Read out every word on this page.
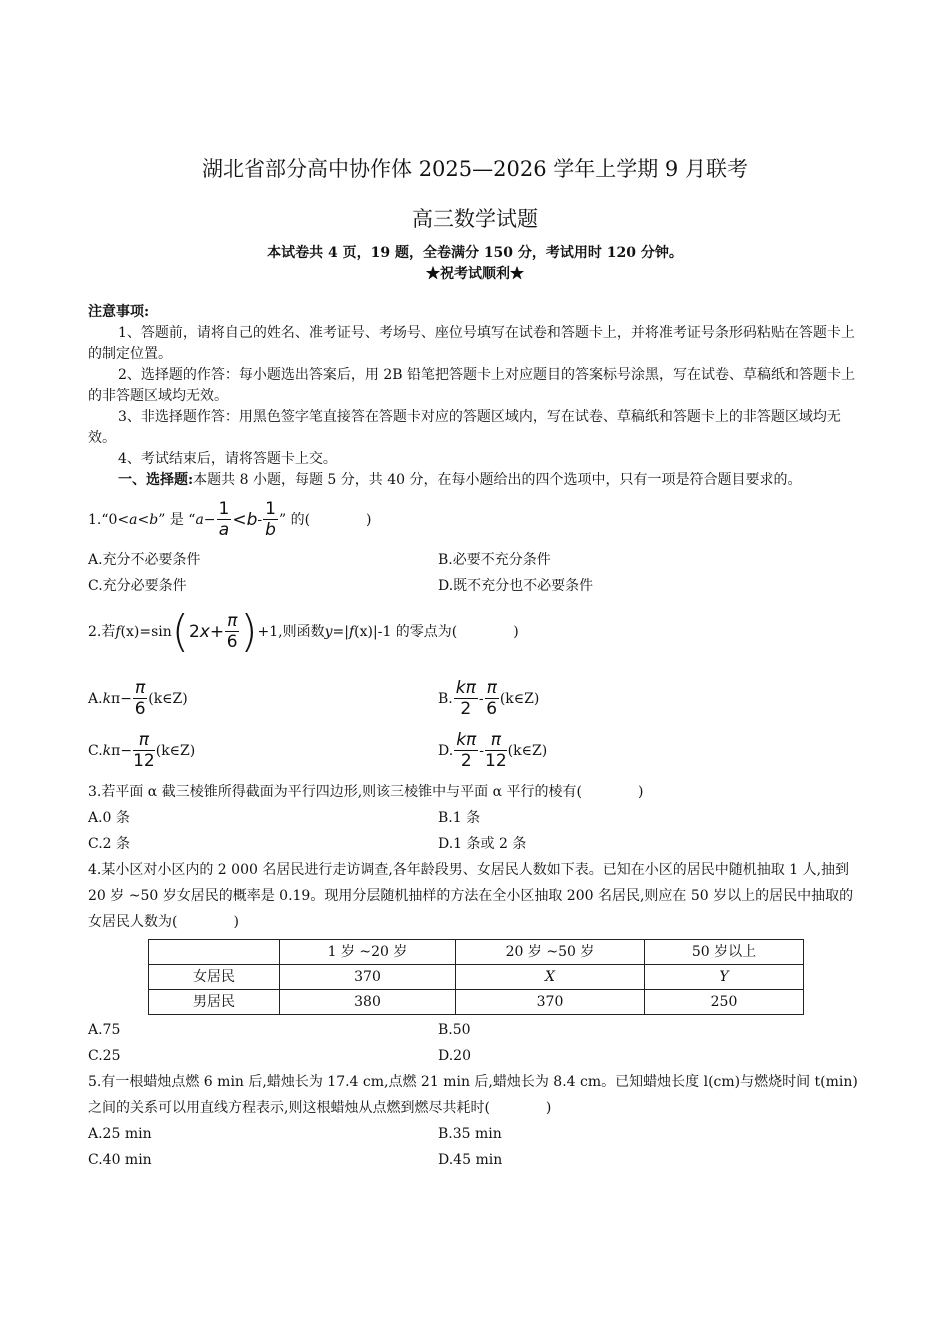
湖北省部分高中协作体 2025—2026 学年上学期 9 月联考
高三数学试题
本试卷共 4 页，19 题，全卷满分 150 分，考试用时 120 分钟。
★祝考试顺利★

注意事项:

1、答题前，请将自己的姓名、准考证号、考场号、座位号填写在试卷和答题卡上，并将准考证号条形码粘贴在答题卡上的制定位置。

2、选择题的作答：每小题选出答案后，用 2B 铅笔把答题卡上对应题目的答案标号涂黑，写在试卷、草稿纸和答题卡上的非答题区域均无效。

3、非选择题作答：用黑色签字笔直接答在答题卡对应的答题区域内，写在试卷、草稿纸和答题卡上的非答题区域均无效。

4、考试结束后，请将答题卡上交。

一、选择题:本题共 8 小题，每题 5 分，共 40 分，在每小题给出的四个选项中，只有一项是符合题目要求的。

1.“0< a < b ” 是 “ $a - \frac{1}{a} < b - \frac{1}{b}$ ” 的(　　　　)

A.充分不必要条件	B.必要不充分条件
C.充分必要条件	D.既不充分也不必要条件

2.若 f (x)=sin ( 2 $x + \frac{\pi}{6}$ ) +1,则函数 y =| f (x)|-1 的零点为(　　　　)

A. k $\pi- \frac{\pi}{6}$ (k∈Z)	B. $\frac{k\pi}{2} - \frac{\pi}{6}$ (k∈Z)
C. k $\pi- \frac{\pi}{12}$ (k∈Z)	D. $\frac{k\pi}{2} - \frac{\pi}{12}$ (k∈Z)

3.若平面 α 截三棱锥所得截面为平行四边形,则该三棱锥中与平面 α 平行的棱有(　　　　)

A.0 条	B.1 条
C.2 条	D.1 条或 2 条

4.某小区对小区内的 2 000 名居民进行走访调查,各年龄段男、女居民人数如下表。已知在小区的居民中随机抽取 1 人,抽到 20 岁 ~50 岁女居民的概率是 0.19。现用分层随机抽样的方法在全小区抽取 200 名居民,则应在 50 岁以上的居民中抽取的女居民人数为(　　　　)

	1 岁 ~20 岁	20 岁 ~50 岁	50 岁以上
女居民	370	X	Y
男居民	380	370	250
A.75	B.50
C.25	D.20

5.有一根蜡烛点燃 6 min 后,蜡烛长为 17.4 cm,点燃 21 min 后,蜡烛长为 8.4 cm。已知蜡烛长度 l(cm)与燃烧时间 t(min)之间的关系可以用直线方程表示,则这根蜡烛从点燃到燃尽共耗时(　　　　)

A.25 min	B.35 min
C.40 min	D.45 min
